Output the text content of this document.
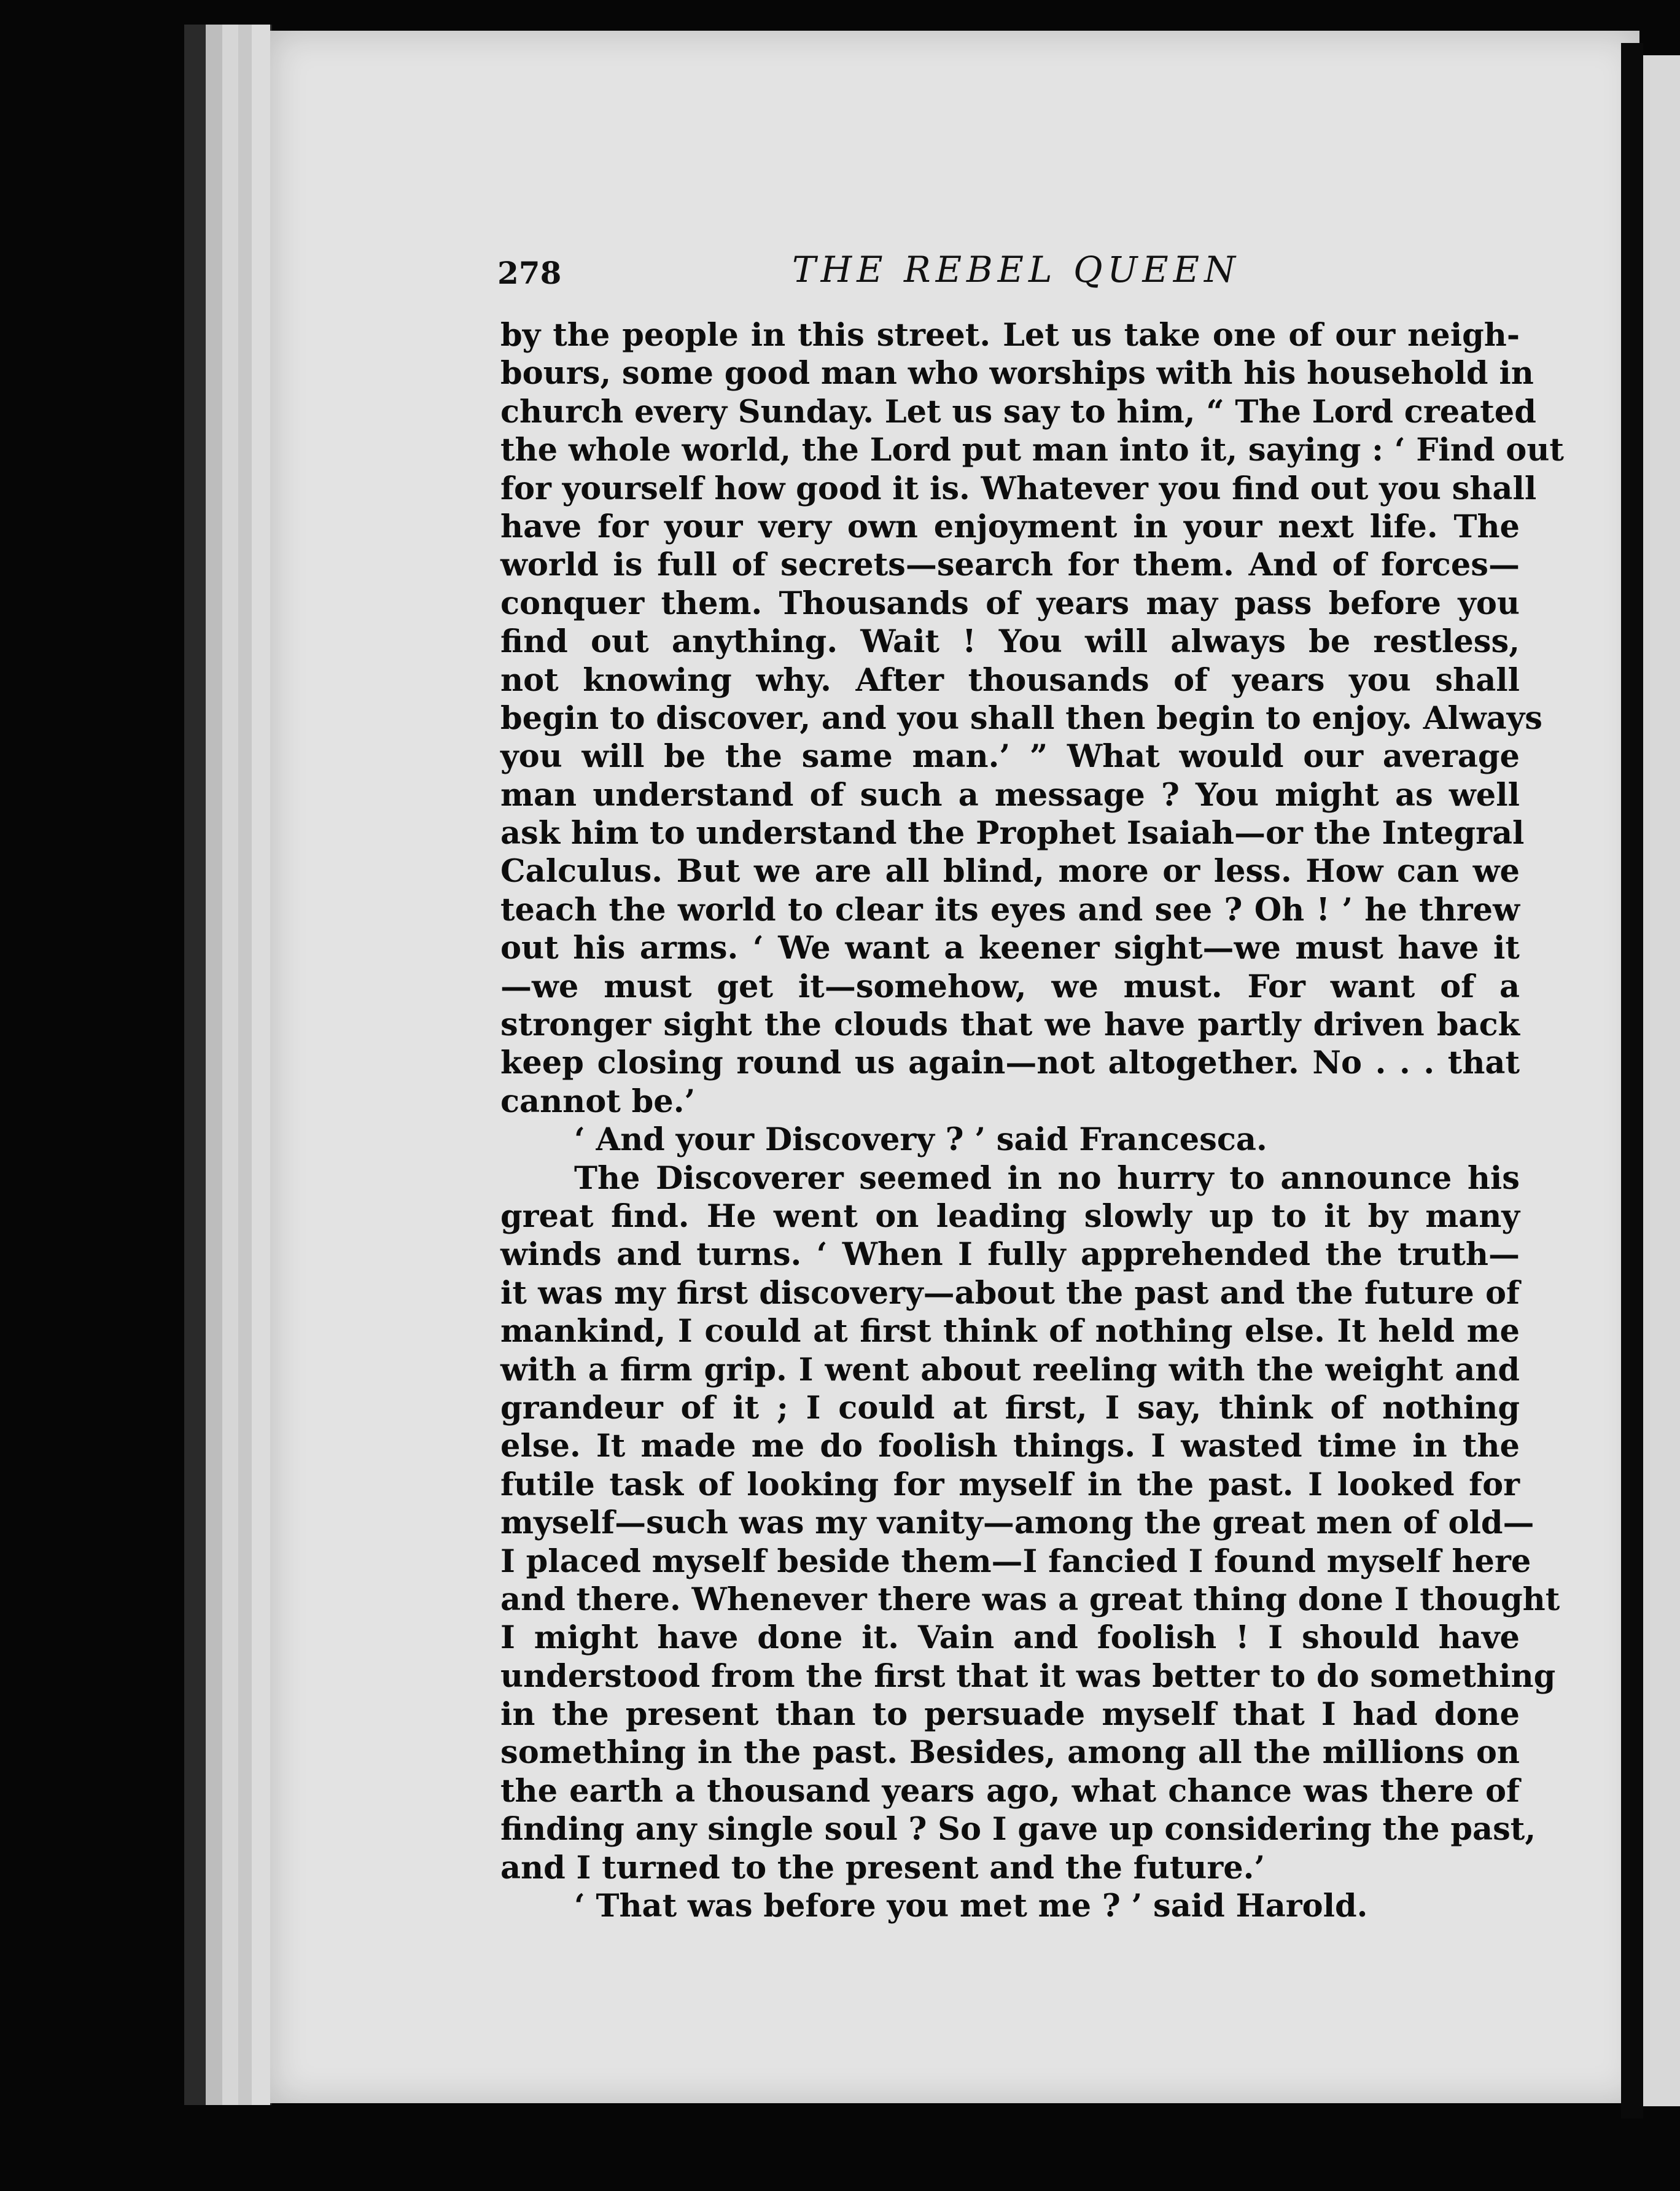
278	THE REBEL QUEEN
by the people in this street. Let us take one of our neigh-
bours, some good man who worships with his household in
church every Sunday. Let us say to him, “ The Lord created
the whole world, the Lord put man into it, saying : ‘ Find out
for yourself how good it is. Whatever you find out you shall
have for your very own enjoyment in your next life. The
world is full of secrets—search for them. And of forces—
conquer them. Thousands of years may pass before you
find out anything. Wait ! You will always be restless,
not knowing why. After thousands of years you shall
begin to discover, and you shall then begin to enjoy. Always
you will be the same man.’ ” What would our average
man understand of such a message ? You might as well
ask him to understand the Prophet Isaiah—or the Integral
Calculus. But we are all blind, more or less. How can we
teach the world to clear its eyes and see ? Oh ! ’ he threw
out his arms. ‘ We want a keener sight—we must have it
—we must get it—somehow, we must. For want of a
stronger sight the clouds that we have partly driven back
keep closing round us again—not altogether. No . . . that
cannot be.’
‘ And your Discovery ? ’ said Francesca.
The Discoverer seemed in no hurry to announce his
great find. He went on leading slowly up to it by many
winds and turns. ‘ When I fully apprehended the truth—
it was my first discovery—about the past and the future of
mankind, I could at first think of nothing else. It held me
with a firm grip. I went about reeling with the weight and
grandeur of it ; I could at first, I say, think of nothing
else. It made me do foolish things. I wasted time in the
futile task of looking for myself in the past. I looked for
myself—such was my vanity—among the great men of old—
I placed myself beside them—I fancied I found myself here
and there. Whenever there was a great thing done I thought
I might have done it. Vain and foolish ! I should have
understood from the first that it was better to do something
in the present than to persuade myself that I had done
something in the past. Besides, among all the millions on
the earth a thousand years ago, what chance was there of
finding any single soul ? So I gave up considering the past,
and I turned to the present and the future.’
‘ That was before you met me ? ’ said Harold.
